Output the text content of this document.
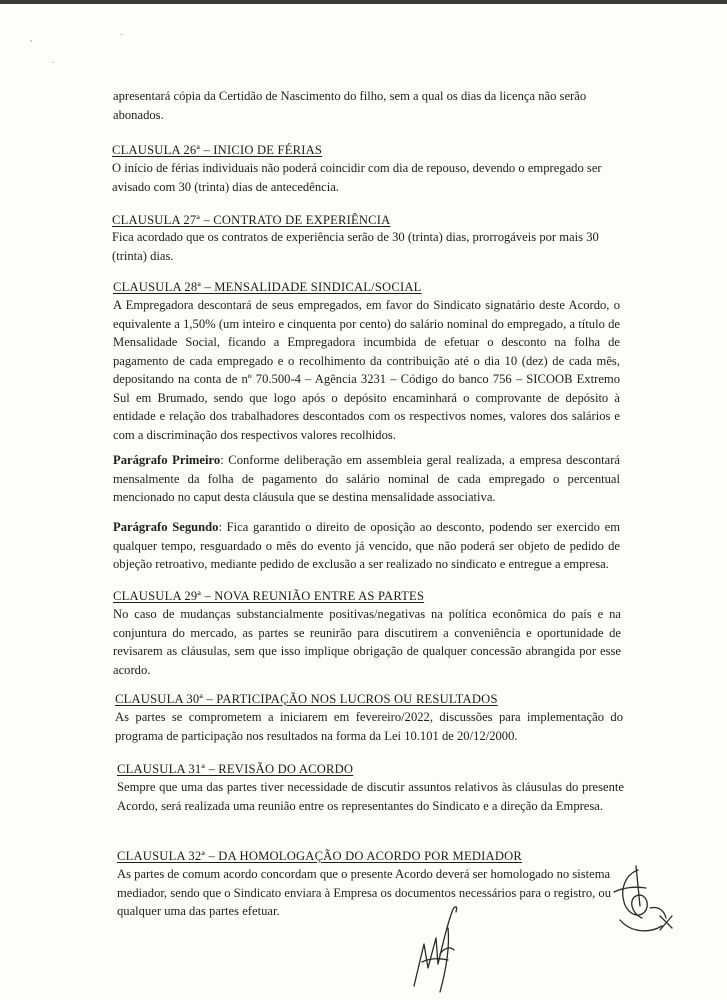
apresentará cópia da Certidão de Nascimento do filho, sem a qual os dias da licença não serão abonados.

CLAUSULA 26ª – INICIO DE FÉRIAS

O início de férias individuais não poderá coincidir com dia de repouso, devendo o empregado ser avisado com 30 (trinta) dias de antecedência.

CLAUSULA 27ª – CONTRATO DE EXPERIÊNCIA

Fica acordado que os contratos de experiência serão de 30 (trinta) dias, prorrogáveis por mais 30 (trinta) dias.

CLAUSULA 28ª – MENSALIDADE SINDICAL/SOCIAL

A Empregadora descontará de seus empregados, em favor do Sindicato signatário deste Acordo, o equivalente a 1,50% (um inteiro e cinquenta por cento) do salário nominal do empregado, a título de Mensalidade Social, ficando a Empregadora incumbida de efetuar o desconto na folha de pagamento de cada empregado e o recolhimento da contribuição até o dia 10 (dez) de cada mês, depositando na conta de nº 70.500-4 – Agência 3231 – Código do banco 756 – SICOOB Extremo Sul em Brumado, sendo que logo após o depósito encaminhará o comprovante de depósito à entidade e relação dos trabalhadores descontados com os respectivos nomes, valores dos salários e com a discriminação dos respectivos valores recolhidos.

Parágrafo Primeiro: Conforme deliberação em assembleia geral realizada, a empresa descontará mensalmente da folha de pagamento do salário nominal de cada empregado o percentual mencionado no caput desta cláusula que se destina mensalidade associativa.

Parágrafo Segundo: Fica garantido o direito de oposição ao desconto, podendo ser exercido em qualquer tempo, resguardado o mês do evento já vencido, que não poderá ser objeto de pedido de objeção retroativo, mediante pedido de exclusão a ser realizado no sindicato e entregue a empresa.

CLAUSULA 29ª – NOVA REUNIÃO ENTRE AS PARTES

No caso de mudanças substancialmente positivas/negativas na política econômica do país e na conjuntura do mercado, as partes se reunirão para discutirem a conveniência e oportunidade de revisarem as cláusulas, sem que isso implique obrigação de qualquer concessão abrangida por esse acordo.

CLAUSULA 30ª – PARTICIPAÇÃO NOS LUCROS OU RESULTADOS

As partes se comprometem a iniciarem em fevereiro/2022, discussões para implementação do programa de participação nos resultados na forma da Lei 10.101 de 20/12/2000.

CLAUSULA 31ª – REVISÃO DO ACORDO

Sempre que uma das partes tiver necessidade de discutir assuntos relativos às cláusulas do presente Acordo, será realizada uma reunião entre os representantes do Sindicato e a direção da Empresa.

CLAUSULA 32ª – DA HOMOLOGAÇÃO DO ACORDO POR MEDIADOR

As partes de comum acordo concordam que o presente Acordo deverá ser homologado no sistema mediador, sendo que o Sindicato enviara à Empresa os documentos necessários para o registro, ou qualquer uma das partes efetuar.
